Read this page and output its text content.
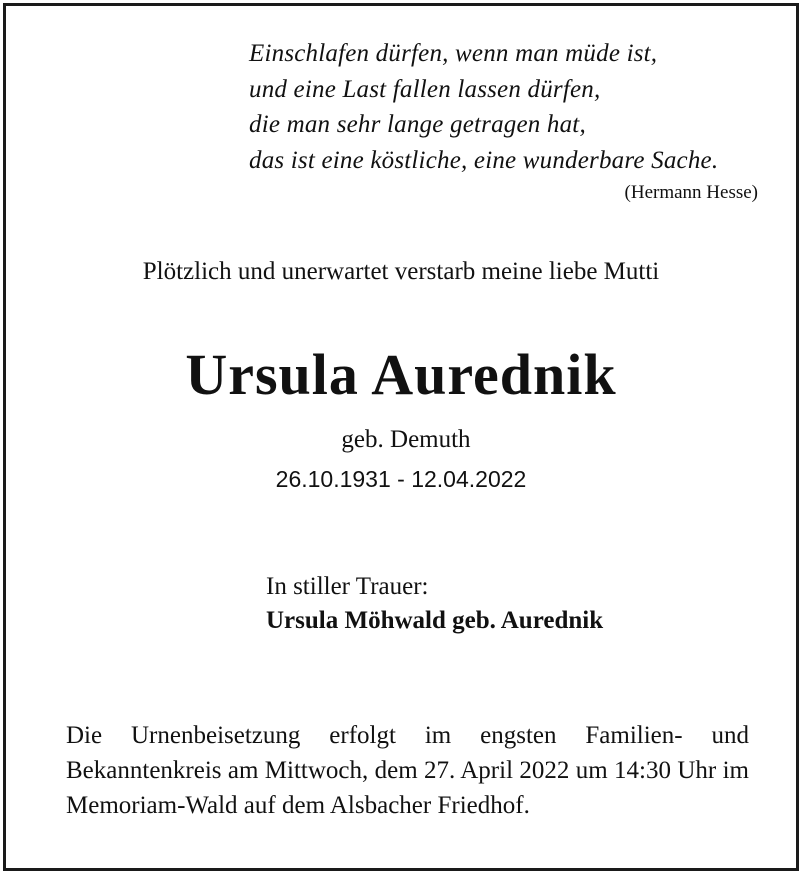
Einschlafen dürfen, wenn man müde ist,
und eine Last fallen lassen dürfen,
die man sehr lange getragen hat,
das ist eine köstliche, eine wunderbare Sache.
(Hermann Hesse)
Plötzlich und unerwartet verstarb meine liebe Mutti
Ursula Aurednik
geb. Demuth
26.10.1931 - 12.04.2022
In stiller Trauer:
Ursula Möhwald geb. Aurednik
Die Urnenbeisetzung erfolgt im engsten Familien- und Bekanntenkreis am Mittwoch, dem 27. April 2022 um 14:30 Uhr im Memoriam-Wald auf dem Alsbacher Friedhof.
